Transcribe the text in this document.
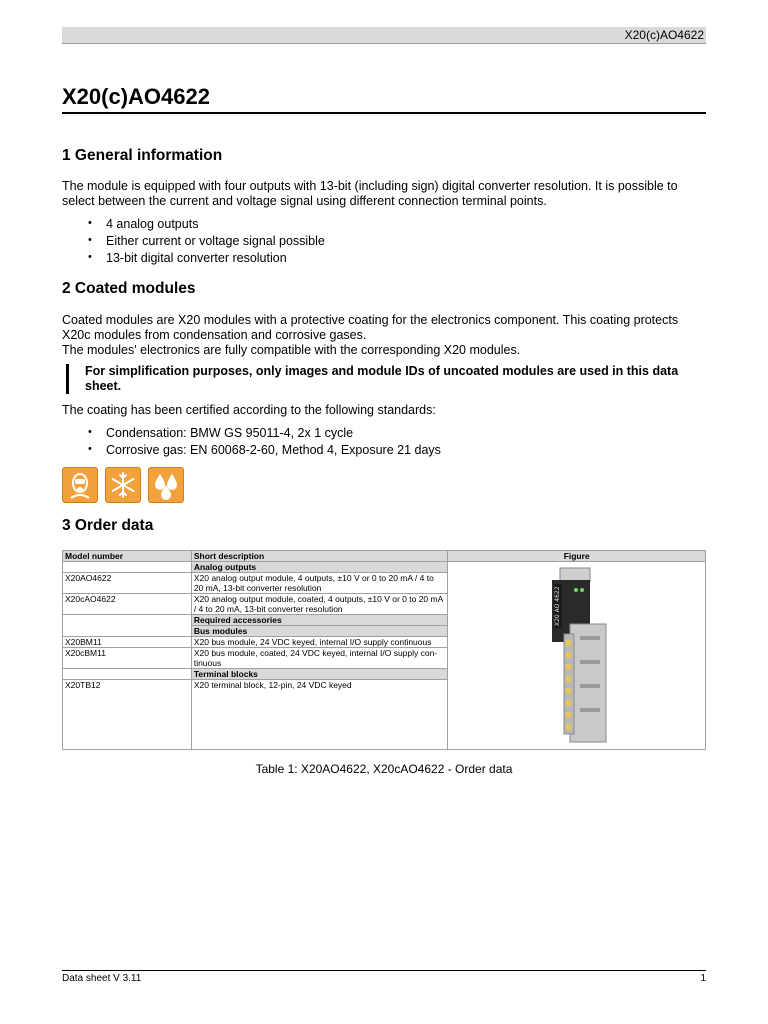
X20(c)AO4622
X20(c)AO4622
1 General information

The module is equipped with four outputs with 13-bit (including sign) digital converter resolution. It is possible to select between the current and voltage signal using different connection terminal points.

• 4 analog outputs
• Either current or voltage signal possible
• 13-bit digital converter resolution
2 Coated modules

Coated modules are X20 modules with a protective coating for the electronics component. This coating protects X20c modules from condensation and corrosive gases.

The modules' electronics are fully compatible with the corresponding X20 modules.

For simplification purposes, only images and module IDs of uncoated modules are used in this data sheet.

The coating has been certified according to the following standards:

• Condensation: BMW GS 95011-4, 2x 1 cycle
• Corrosive gas: EN 60068-2-60, Method 4, Exposure 21 days
3 Order data
Model number	Short description	Figure
	Analog outputs	X20 AO 4622

X20AO4622	X20 analog output module, 4 outputs, ±10 V or 0 to 20 mA / 4 to 20 mA, 13-bit converter resolution	
X20cAO4622	X20 analog output module, coated, 4 outputs, ±10 V or 0 to 20 mA / 4 to 20 mA, 13-bit converter resolution	
	Required accessories	
	Bus modules	
X20BM11	X20 bus module, 24 VDC keyed, internal I/O supply continuous	
X20cBM11	X20 bus module, coated, 24 VDC keyed, internal I/O supply con-tinuous	
	Terminal blocks	
X20TB12	X20 terminal block, 12-pin, 24 VDC keyed	
Table 1: X20AO4622, X20cAO4622 - Order data
Data sheet V 3.11	1
